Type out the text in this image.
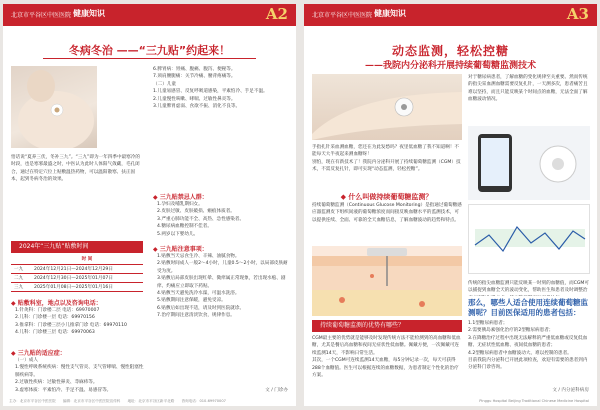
北京市平谷区中医医院 健康知识	A2
冬病冬治 ——“三九贴”约起来！

悟话说“夏养三伏，冬补三九”。“三九”即为一年四季中最寒冷的时段，也是寒邪最盛之时，中医认为此时人体阳气敛藏，毛孔闭合，通过在特定穴位上贴敷温热药物，可以温阳散寒、扶正固本，起到冬病冬治的效果。

2024年“三九贴”贴敷时间
	时 间
一九	2024年12月21日—2024年12月29日
二九	2024年12月30日—2025年01月07日
三九	2025年01月08日—2025年01月16日
◆ 贴敷科室，地点以及咨询电话：

1.针灸科：门诊楼二层 电话：69970007

2.儿科：门诊楼一层 电话：69970156

3.推拿科：门诊楼三层小儿推拿门诊 电话：69970110

4.儿科：门诊楼三层 电话：69970063

◆ 三九贴的适应症：

（一）成人

1.慢性呼吸系统疾病：慢性支气管炎、支气管哮喘、慢性阻塞性肺疾病等。

2.过敏性疾病：过敏性鼻炎、荨麻疹等。

3.虚寒体质：平素怕冷、手足不温、易感冒等。

6.脾胃病：胃痛、腹痛、腹泻、便秘等。

7.颈肩腰腿痛：关节冷痛、腰背疼痛等。

（二）儿童

1.儿童易感冒、反复呼吸道感染，平素怕冷、手足不温。

2.儿童慢性咳嗽、哮喘、过敏性鼻炎等。

3.儿童脾胃虚弱、食欲不振、消化不良等。

◆ 三九贴禁忌人群：

1.孕妇及哺乳期妇女。

2.皮肤过敏、皮肤破损、瘢痕体质者。

3.严重心肺功能不全、高热、急性感染者。

4.糖尿病血糖控制不佳者。

5.两岁以下婴幼儿。

◆ 三九贴注意事项：

1.贴敷当天忌食生冷、辛辣、油腻食物。

2.贴敷时间成人一般2～4小时，儿童0.5～2小时，以局部皮肤耐受为度。

3.贴敷后局部皮肤出现红晕、微痒属正常现象，若出现水疱、剧痒、灼痛应立即取下药贴。

4.贴敷当天避免洗冷水澡，可温水洗浴。

5.贴敷期间注意保暖，避免受凉。

6.贴敷后如出现不适，请及时到医院就诊。

7.治疗期间注意清淡饮食，规律作息。

文 / 门诊办
主办：北京市平谷区中医医院　　编辑：北京市平谷区中医医院宣传科　　地址：北京市平谷区新平北路　　咨询电话：010-69970007
北京市平谷区中医医院 健康知识	A3
动态监测，轻松控糖
——我院内分泌科开展持续葡萄糖监测技术

手指扎针采血测血糖，您还在为此发愁吗？夜里低血糖了我不知道啊！不能每天大半夜起来测血糖呀！

别怕，现在有新技术了！我院内分泌科开展了持续葡萄糖监测（CGM）技术，不需反复扎针，即可实现“动态监测，轻松控糖”。

◆ 什么叫做持续葡萄糖监测？

持续葡萄糖监测（Continuous Glucose Monitoring）是指通过葡萄糖感应器监测皮下组织间液的葡萄糖浓度而间接反映血糖水平的监测技术，可以提供连续、全面、可靠的全天血糖信息，了解血糖波动的趋势和特点。

持续葡萄糖监测的优势有哪些？

CGM最主要的优势就是能够及时发现传统方法不能检测到的高血糖和低血糖，尤其是餐后高血糖和夜间无症状性低血糖。佩戴方便，一次佩戴可连续监测14天，不影响日常生活。

其次，一个CGM可连续监测14天血糖，每5分钟记录一次，每天可获得288个血糖值。医生可以根据连续的血糖数据，为患者制定个性化的治疗方案。

对于糖尿病患者，了解血糖的变化规律至关重要。然而传统的指尖采血测血糖需要反复扎针，一天测多次，患者痛苦且难以坚持，而且只能反映某个时间点的血糖，无法全面了解血糖波动情况。

传统的指尖血糖监测只能反映某一时刻的血糖值，而CGM可以捕捉到血糖全天的波动变化，帮助医生和患者及时调整治

那么，哪些人适合使用连续葡萄糖监测呢？目前医保适用的患者包括：

1.1型糖尿病患者；

2.需要胰岛素强化治疗的2型糖尿病患者；

3.在降糖治疗过程中出现无法解释的严重低血糖或反复低血糖、无症状性低血糖、夜间低血糖的患者；

4.2型糖尿病患者中血糖波动大、难以控制的患者。

目前我院内分泌科已开展此项检查，欢迎有需要的患者到内分泌科门诊咨询。

文 / 内分泌科病房
Pinggu Hospital Beijing Traditional Chinese Medicine Hospital
